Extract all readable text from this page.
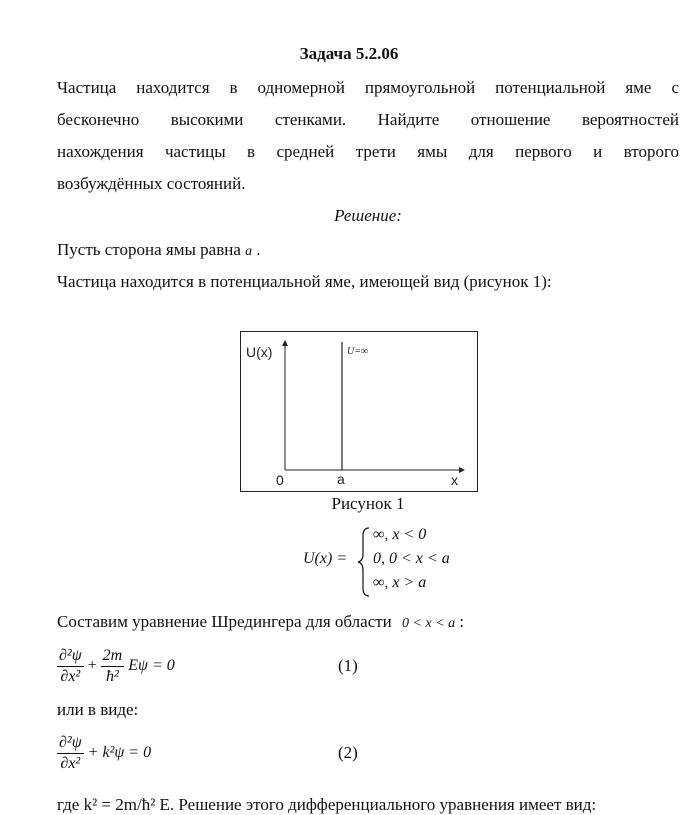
Задача 5.2.06
Частица находится в одномерной прямоугольной потенциальной яме с
бесконечно высокими стенками. Найдите отношение вероятностей
нахождения частицы в средней трети ямы для первого и второго
возбуждённых состояний.
Решение:
Пусть сторона ямы равна a .
Частица находится в потенциальной яме, имеющей вид (рисунок 1):
U(x)
x
0	a
U=∞
Рисунок 1
U(x) =
∞, x < 0
0, 0 < x < a
∞, x > a
Составим уравнение Шредингера для области 0 < x < a :
$\frac{\text{∂²ψ}}{\text{∂x²}} + \frac{2m}{\text{ħ²}}$ Eψ = 0	(1)
или в виде:
$\frac{\text{∂²ψ}}{\text{∂x²}} + k^2\psi = 0$	(2)
где k² = 2m/ħ² E. Решение этого дифференциального уравнения имеет вид:
